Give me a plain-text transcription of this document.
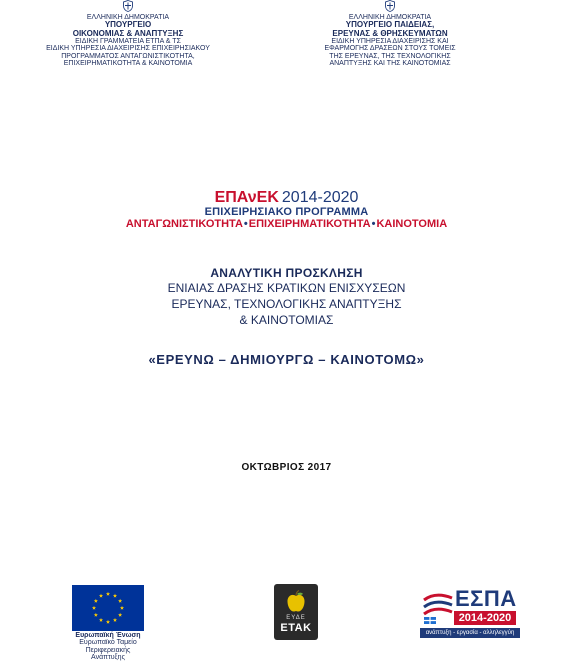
ΕΛΛΗΝΙΚΗ ΔΗΜΟΚΡΑΤΙΑ
ΥΠΟΥΡΓΕΙΟ
ΟΙΚΟΝΟΜΙΑΣ & ΑΝΑΠΤΥΞΗΣ
ΕΙΔΙΚΗ ΓΡΑΜΜΑΤΕΙΑ ΕΤΠΑ & ΤΣ
ΕΙΔΙΚΗ ΥΠΗΡΕΣΙΑ ΔΙΑΧΕΙΡΙΣΗΣ ΕΠΙΧΕΙΡΗΣΙΑΚΟΥ
ΠΡΟΓΡΑΜΜΑΤΟΣ ΑΝΤΑΓΩΝΙΣΤΙΚΟΤΗΤΑ,
ΕΠΙΧΕΙΡΗΜΑΤΙΚΟΤΗΤΑ & ΚΑΙΝΟΤΟΜΙΑ
ΕΛΛΗΝΙΚΗ ΔΗΜΟΚΡΑΤΙΑ
ΥΠΟΥΡΓΕΙΟ ΠΑΙΔΕΙΑΣ,
ΕΡΕΥΝΑΣ & ΘΡΗΣΚΕΥΜΑΤΩΝ
ΕΙΔΙΚΗ ΥΠΗΡΕΣΙΑ ΔΙΑΧΕΙΡΙΣΗΣ ΚΑΙ
ΕΦΑΡΜΟΓΗΣ ΔΡΑΣΕΩΝ ΣΤΟΥΣ ΤΟΜΕΙΣ
ΤΗΣ ΕΡΕΥΝΑΣ, ΤΗΣ ΤΕΧΝΟΛΟΓΙΚΗΣ
ΑΝΑΠΤΥΞΗΣ ΚΑΙ ΤΗΣ ΚΑΙΝΟΤΟΜΙΑΣ
ΕΠΑνΕΚ 2014-2020
ΕΠΙΧΕΙΡΗΣΙΑΚΟ ΠΡΟΓΡΑΜΜΑ
ΑΝΤΑΓΩΝΙΣΤΙΚΟΤΗΤΑ•ΕΠΙΧΕΙΡΗΜΑΤΙΚΟΤΗΤΑ•ΚΑΙΝΟΤΟΜΙΑ
ΑΝΑΛΥΤΙΚΗ ΠΡΟΣΚΛΗΣΗ
ΕΝΙΑΙΑΣ ΔΡΑΣΗΣ ΚΡΑΤΙΚΩΝ ΕΝΙΣΧΥΣΕΩΝ
ΕΡΕΥΝΑΣ, ΤΕΧΝΟΛΟΓΙΚΗΣ ΑΝΑΠΤΥΞΗΣ
& ΚΑΙΝΟΤΟΜΙΑΣ
«ΕΡΕΥΝΩ – ΔΗΜΙΟΥΡΓΩ – ΚΑΙΝΟΤΟΜΩ»
ΟΚΤΩΒΡΙΟΣ 2017
Ευρωπαϊκή Ένωση
Ευρωπαϊκό Ταμείο
Περιφερειακής Ανάπτυξης
ΕΥΔΕ
ΕΤΑΚ
ΕΣΠΑ
2014-2020
ανάπτυξη - εργασία - αλληλεγγύη
